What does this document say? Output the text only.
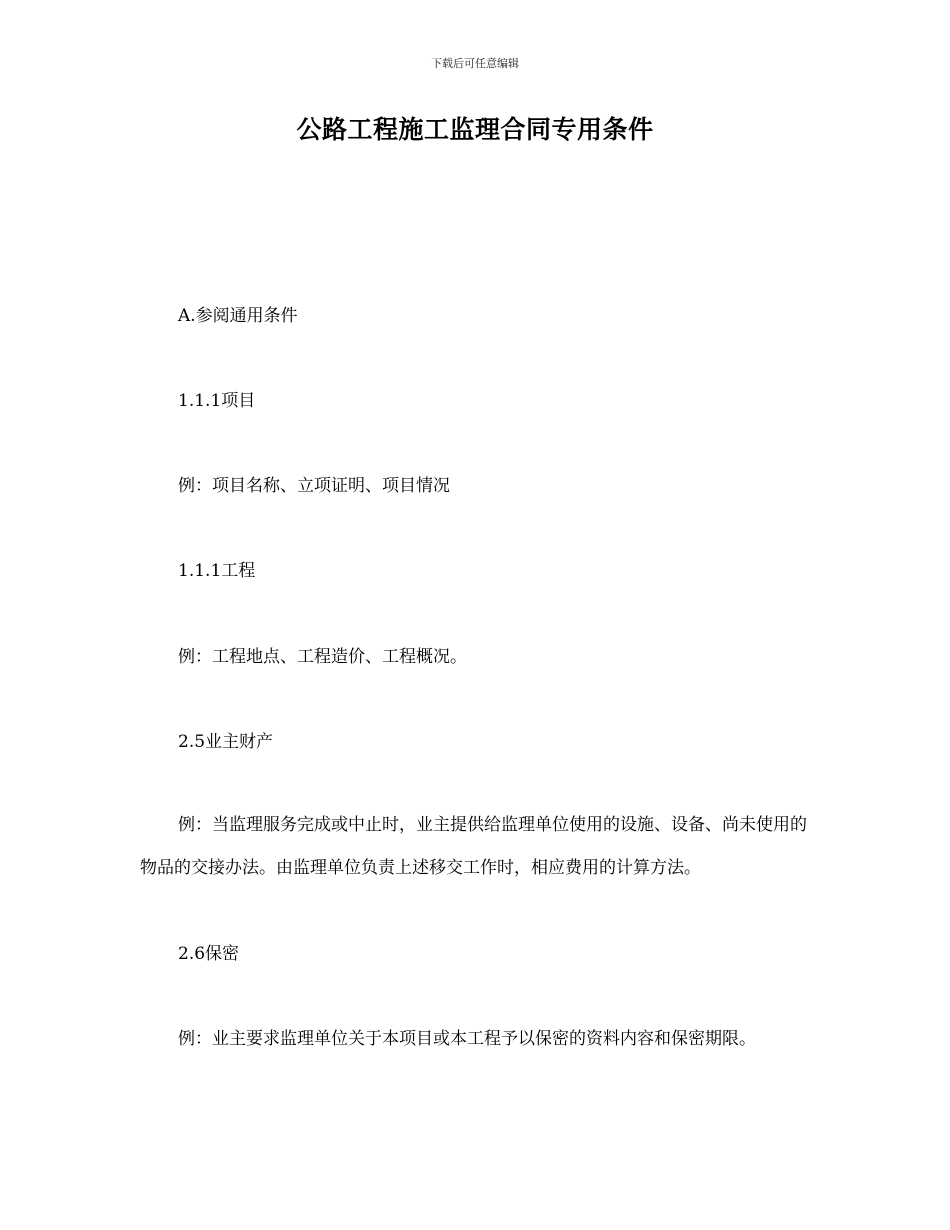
下载后可任意编辑
公路工程施工监理合同专用条件
A.参阅通用条件
1.1.1项目
例：项目名称、立项证明、项目情况
1.1.1工程
例：工程地点、工程造价、工程概况。
2.5业主财产
例：当监理服务完成或中止时，业主提供给监理单位使用的设施、设备、尚未使用的物品的交接办法。由监理单位负责上述移交工作时，相应费用的计算方法。
2.6保密
例：业主要求监理单位关于本项目或本工程予以保密的资料内容和保密期限。
